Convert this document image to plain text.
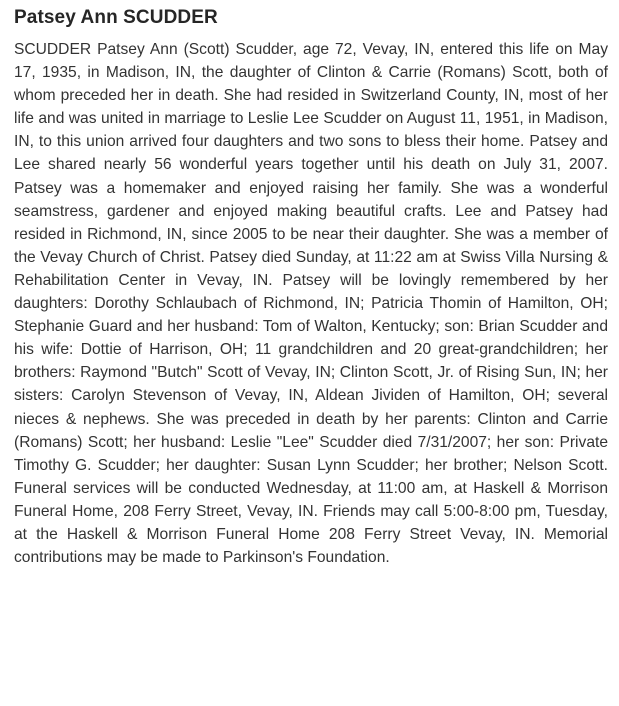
Patsey Ann SCUDDER

SCUDDER Patsey Ann (Scott) Scudder, age 72, Vevay, IN, entered this life on May 17, 1935, in Madison, IN, the daughter of Clinton & Carrie (Romans) Scott, both of whom preceded her in death. She had resided in Switzerland County, IN, most of her life and was united in marriage to Leslie Lee Scudder on August 11, 1951, in Madison, IN, to this union arrived four daughters and two sons to bless their home. Patsey and Lee shared nearly 56 wonderful years together until his death on July 31, 2007. Patsey was a homemaker and enjoyed raising her family. She was a wonderful seamstress, gardener and enjoyed making beautiful crafts. Lee and Patsey had resided in Richmond, IN, since 2005 to be near their daughter. She was a member of the Vevay Church of Christ. Patsey died Sunday, at 11:22 am at Swiss Villa Nursing & Rehabilitation Center in Vevay, IN. Patsey will be lovingly remembered by her daughters: Dorothy Schlaubach of Richmond, IN; Patricia Thomin of Hamilton, OH; Stephanie Guard and her husband: Tom of Walton, Kentucky; son: Brian Scudder and his wife: Dottie of Harrison, OH; 11 grandchildren and 20 great-grandchildren; her brothers: Raymond "Butch" Scott of Vevay, IN; Clinton Scott, Jr. of Rising Sun, IN; her sisters: Carolyn Stevenson of Vevay, IN, Aldean Jividen of Hamilton, OH; several nieces & nephews. She was preceded in death by her parents: Clinton and Carrie (Romans) Scott; her husband: Leslie "Lee" Scudder died 7/31/2007; her son: Private Timothy G. Scudder; her daughter: Susan Lynn Scudder; her brother; Nelson Scott. Funeral services will be conducted Wednesday, at 11:00 am, at Haskell & Morrison Funeral Home, 208 Ferry Street, Vevay, IN. Friends may call 5:00-8:00 pm, Tuesday, at the Haskell & Morrison Funeral Home 208 Ferry Street Vevay, IN. Memorial contributions may be made to Parkinson's Foundation.
